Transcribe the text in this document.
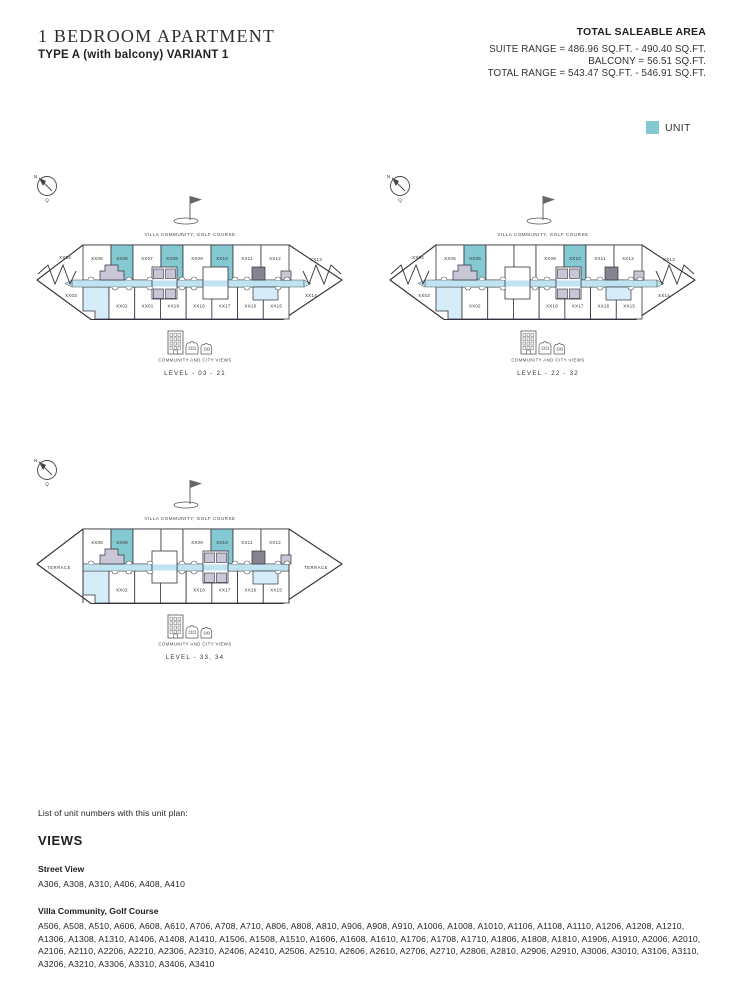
1 BEDROOM APARTMENT
TYPE A (with balcony) VARIANT 1
TOTAL SALEABLE AREA
SUITE RANGE = 486.96 SQ.FT. - 490.40 SQ.FT.
BALCONY = 56.51 SQ.FT.
TOTAL RANGE = 543.47 SQ.FT. - 546.91 SQ.FT.
UNIT
N
Q
VILLA COMMUNITY, GOLF COURSE
XX05	XX06	XX07	XX08	XX09	XX10	XX11	XX12
XX02	XX01	XX19	XX18	XX17	XX16	XX15
XX04
XX03
XX13
XX14
COMMUNITY AND CITY VIEWS
LEVEL - 03 - 21
N
Q
VILLA COMMUNITY, GOLF COURSE
XX05	XX06	XX09	XX10	XX11	XX12
XX02	XX18	XX17	XX16	XX15
XX04
XX03
XX13
XX14
COMMUNITY AND CITY VIEWS
LEVEL - 22 - 32
N
Q
VILLA COMMUNITY, GOLF COURSE
XX05	XX06	XX09	XX10	XX11	XX12
XX02	XX18	XX17	XX16	XX15
TERRACE	TERRACE
COMMUNITY AND CITY VIEWS
LEVEL - 33, 34
List of unit numbers with this unit plan:
VIEWS
Street View
A306, A308, A310, A406, A408, A410
Villa Community, Golf Course
A506, A508, A510, A606, A608, A610, A706, A708, A710, A806, A808, A810, A906, A908, A910, A1006, A1008, A1010, A1106, A1108, A1110, A1206, A1208, A1210, A1306, A1308, A1310, A1406, A1408, A1410, A1506, A1508, A1510, A1606, A1608, A1610, A1706, A1708, A1710, A1806, A1808, A1810, A1906, A1910, A2006, A2010, A2106, A2110, A2206, A2210, A2306, A2310, A2406, A2410, A2506, A2510, A2606, A2610, A2706, A2710, A2806, A2810, A2906, A2910, A3006, A3010, A3106, A3110, A3206, A3210, A3306, A3310, A3406, A3410
